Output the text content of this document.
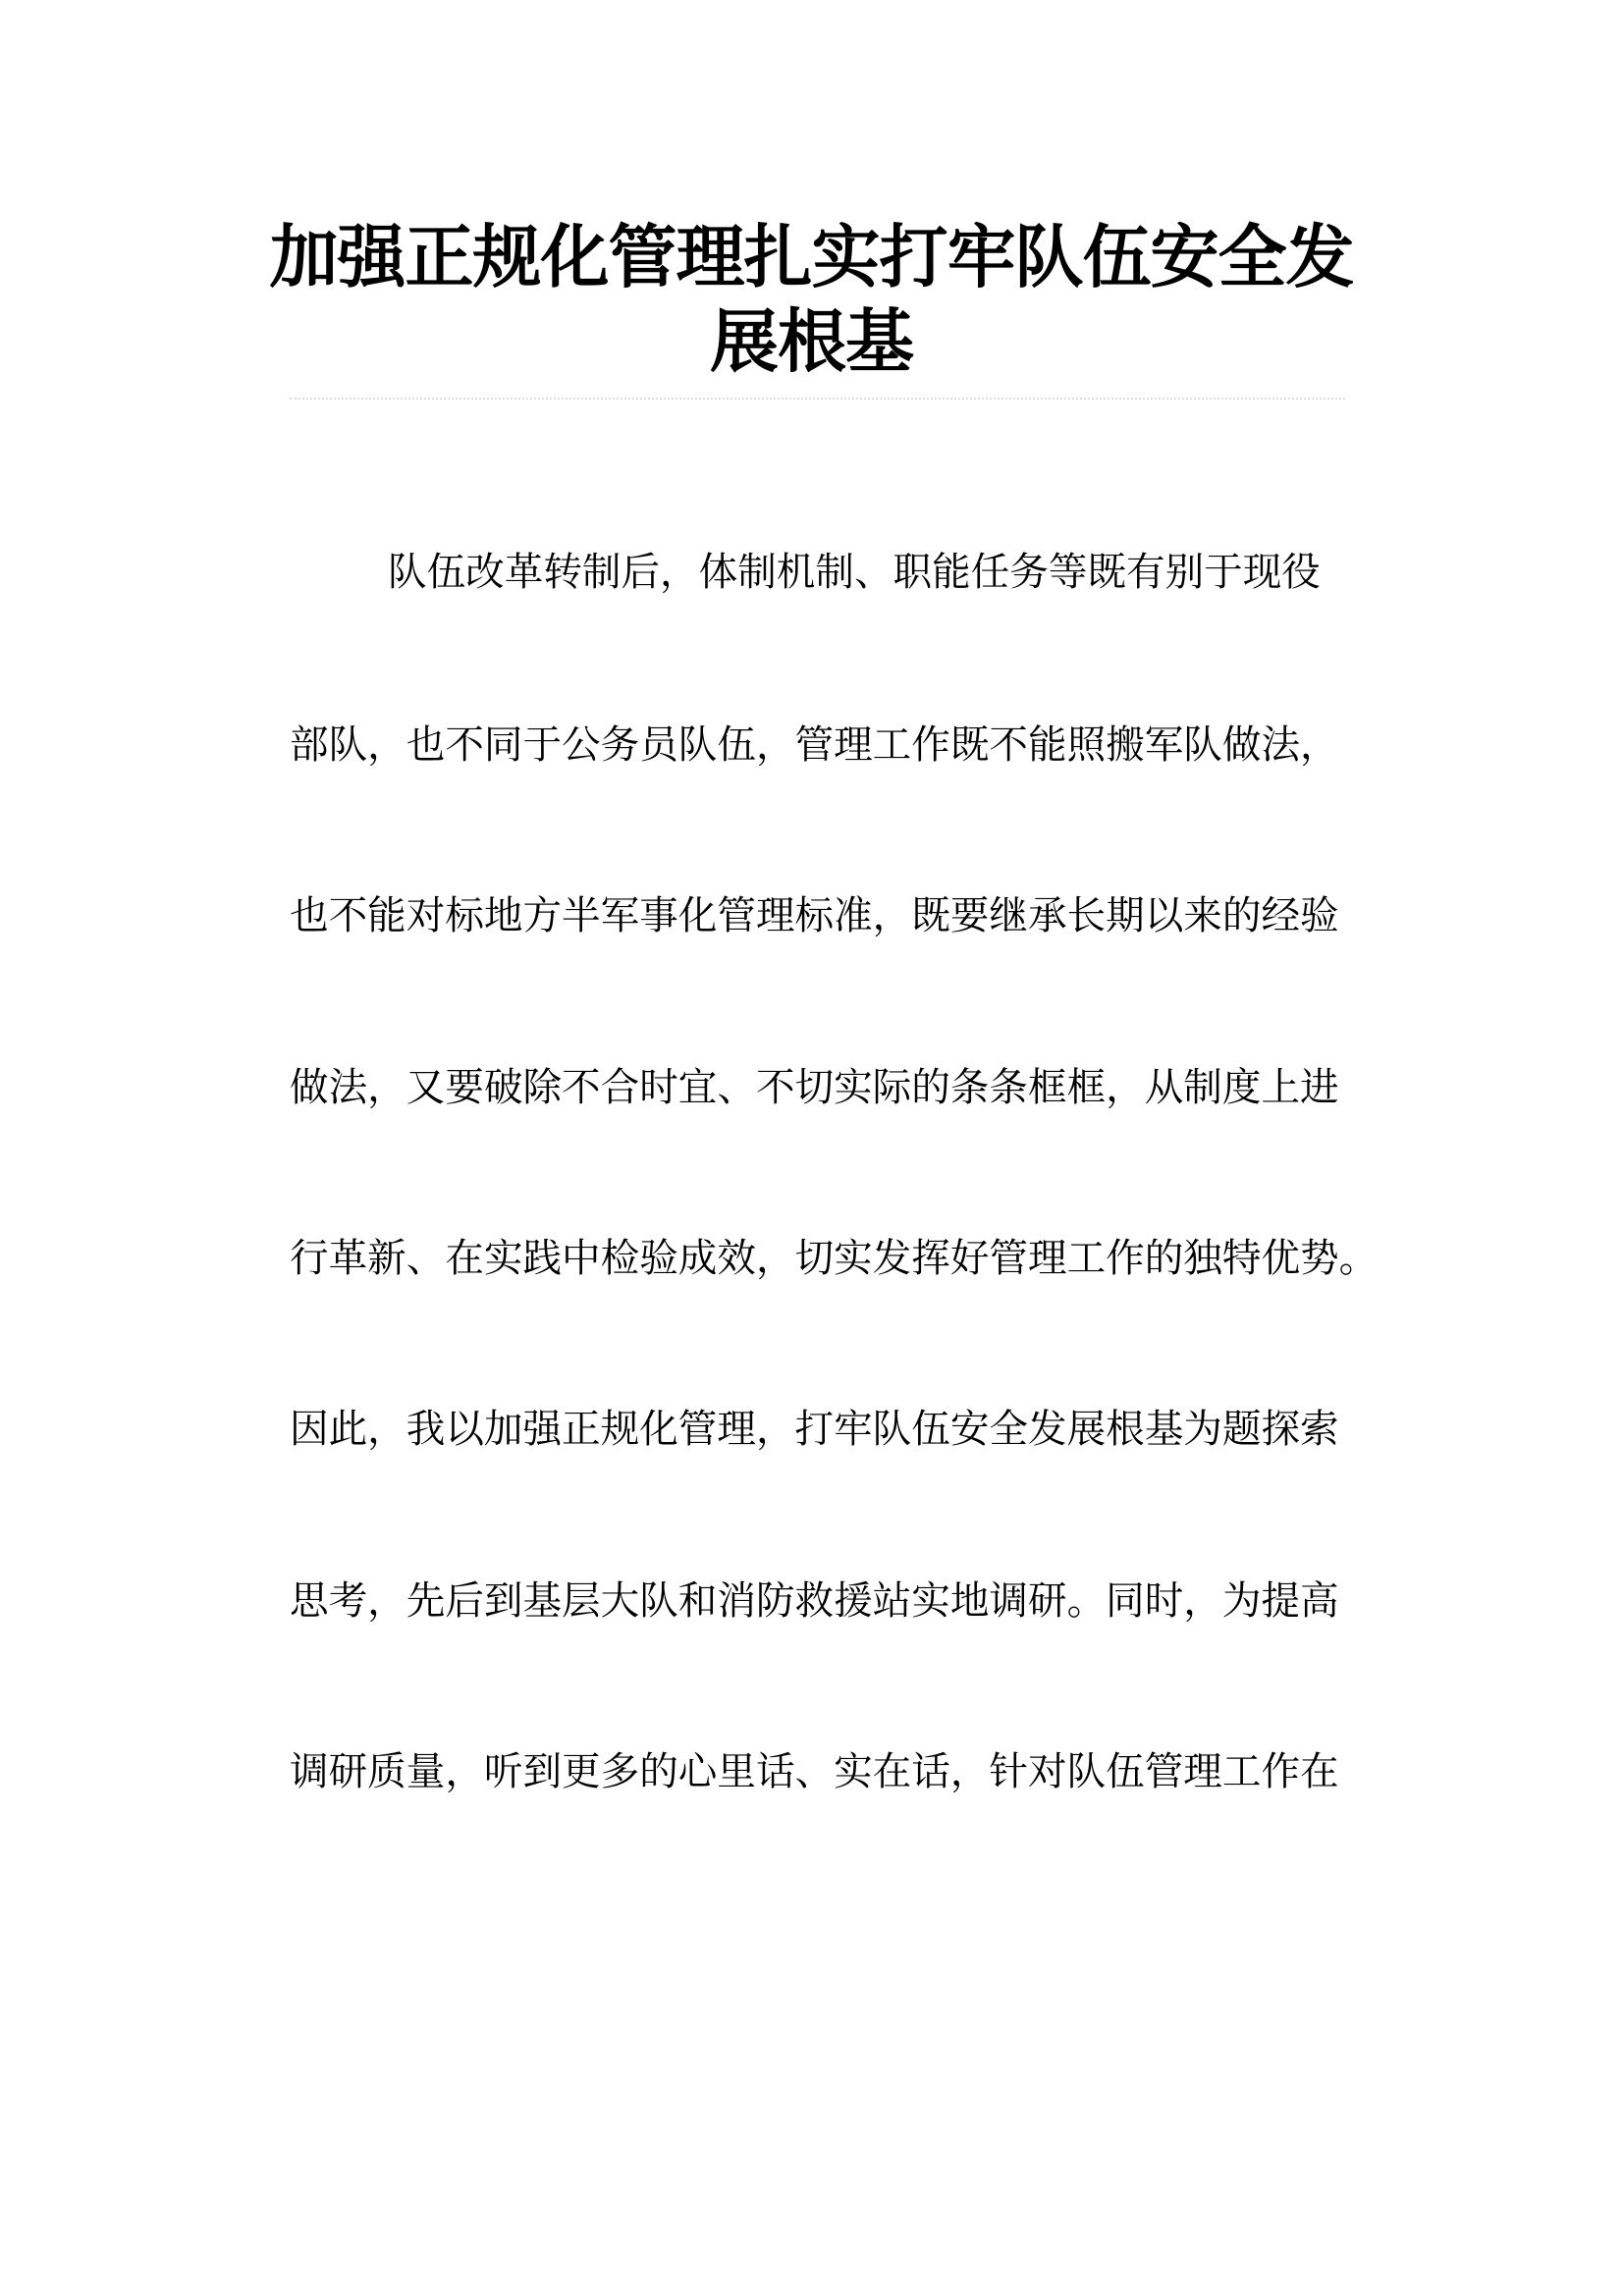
加强正规化管理扎实打牢队伍安全发
展根基
队伍改革转制后，体制机制、职能任务等既有别于现役
部队，也不同于公务员队伍，管理工作既不能照搬军队做法，
也不能对标地方半军事化管理标准，既要继承长期以来的经验
做法，又要破除不合时宜、不切实际的条条框框，从制度上进
行革新、在实践中检验成效，切实发挥好管理工作的独特优势。
因此，我以加强正规化管理，打牢队伍安全发展根基为题探索
思考，先后到基层大队和消防救援站实地调研。同时，为提高
调研质量，听到更多的心里话、实在话，针对队伍管理工作在
